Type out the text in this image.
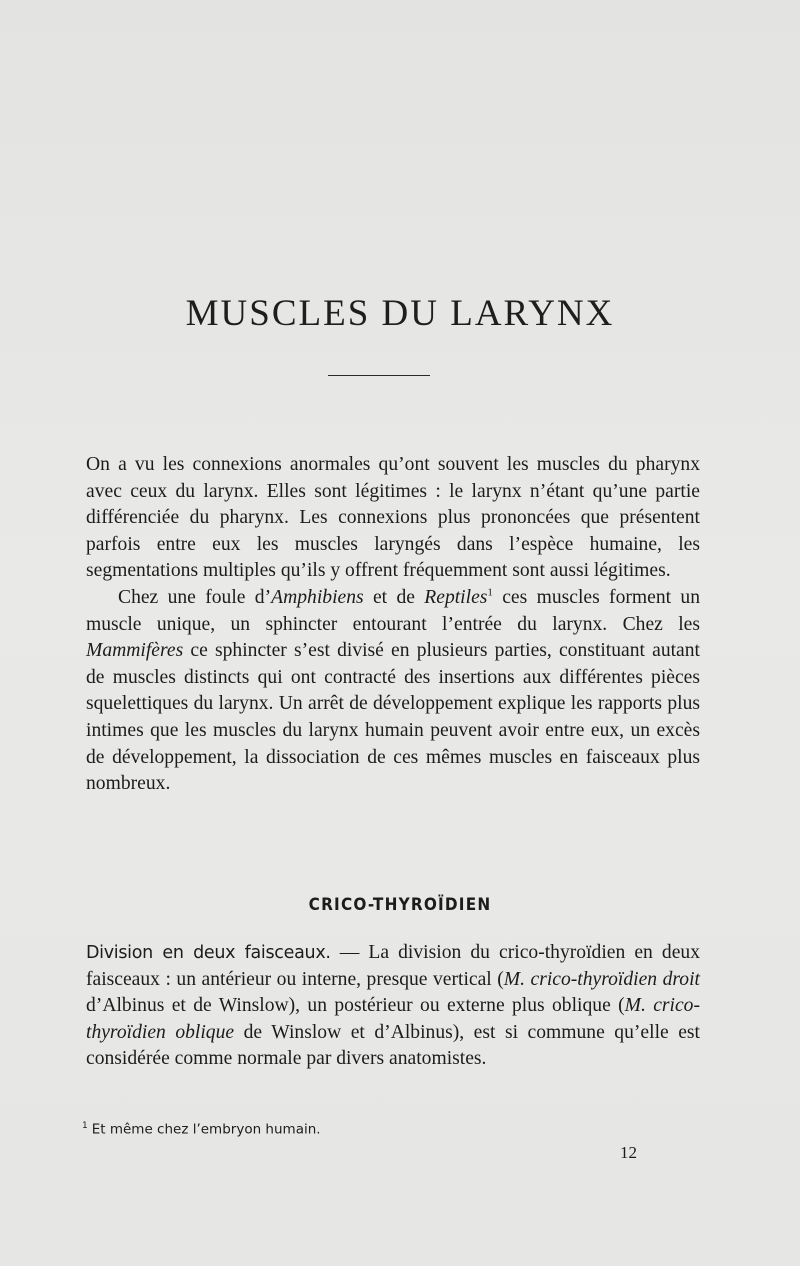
MUSCLES DU LARYNX

On a vu les connexions anormales qu’ont souvent les muscles du pharynx avec ceux du larynx. Elles sont légitimes : le larynx n’étant qu’une partie différenciée du pharynx. Les connexions plus prononcées que présentent parfois entre eux les muscles laryngés dans l’espèce humaine, les segmentations multiples qu’ils y offrent fréquemment sont aussi légitimes.

Chez une foule d’Amphibiens et de Reptiles$^1$ ces muscles forment un muscle unique, un sphincter entourant l’entrée du larynx. Chez les Mammifères ce sphincter s’est divisé en plusieurs parties, constituant autant de muscles distincts qui ont contracté des insertions aux différentes pièces squelettiques du larynx. Un arrêt de développement explique les rapports plus intimes que les muscles du larynx humain peuvent avoir entre eux, un excès de développement, la dissociation de ces mêmes muscles en faisceaux plus nombreux.

CRICO-THYROÏDIEN

Division en deux faisceaux. — La division du crico-thyroïdien en deux faisceaux : un antérieur ou interne, presque vertical (M. crico-thyroïdien droit d’Albinus et de Winslow), un postérieur ou externe plus oblique (M. crico-thyroïdien oblique de Winslow et d’Albinus), est si commune qu’elle est considérée comme normale par divers anatomistes.

$^1$ Et même chez l’embryon humain.
12
